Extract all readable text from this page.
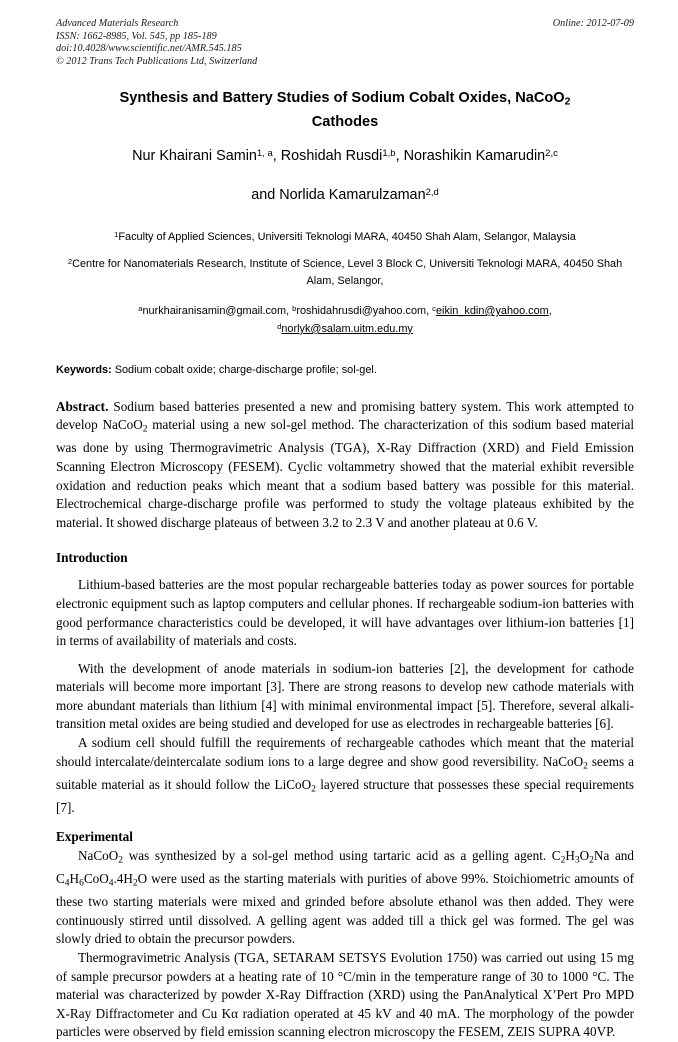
Advanced Materials Research
ISSN: 1662-8985, Vol. 545, pp 185-189
doi:10.4028/www.scientific.net/AMR.545.185
© 2012 Trans Tech Publications Ltd, Switzerland
Online: 2012-07-09
Synthesis and Battery Studies of Sodium Cobalt Oxides, NaCoO$_2$ Cathodes
Nur Khairani Samin$^{1, a}$, Roshidah Rusdi$^{1,b}$, Norashikin Kamarudin$^{2,c}$
and Norlida Kamarulzaman$^{2,d}$
$^1$Faculty of Applied Sciences, Universiti Teknologi MARA, 40450 Shah Alam, Selangor, Malaysia
$^2$Centre for Nanomaterials Research, Institute of Science, Level 3 Block C, Universiti Teknologi MARA, 40450 Shah Alam, Selangor,
$^a$nurkhairanisamin@gmail.com, $^b$roshidahrusdi@yahoo.com, $^c$eikin_kdin@yahoo.com,
$^d$norlyk@salam.uitm.edu.my
Keywords: Sodium cobalt oxide; charge-discharge profile; sol-gel.
Abstract. Sodium based batteries presented a new and promising battery system. This work attempted to develop NaCoO$_2$ material using a new sol-gel method. The characterization of this sodium based material was done by using Thermogravimetric Analysis (TGA), X-Ray Diffraction (XRD) and Field Emission Scanning Electron Microscopy (FESEM). Cyclic voltammetry showed that the material exhibit reversible oxidation and reduction peaks which meant that a sodium based battery was possible for this material. Electrochemical charge-discharge profile was performed to study the voltage plateaus exhibited by the material. It showed discharge plateaus of between 3.2 to 2.3 V and another plateau at 0.6 V.
Introduction

Lithium-based batteries are the most popular rechargeable batteries today as power sources for portable electronic equipment such as laptop computers and cellular phones. If rechargeable sodium-ion batteries with good performance characteristics could be developed, it will have advantages over lithium-ion batteries [1] in terms of availability of materials and costs.

With the development of anode materials in sodium-ion batteries [2], the development for cathode materials will become more important [3]. There are strong reasons to develop new cathode materials with more abundant materials than lithium [4] with minimal environmental impact [5]. Therefore, several alkali-transition metal oxides are being studied and developed for use as electrodes in rechargeable batteries [6].

A sodium cell should fulfill the requirements of rechargeable cathodes which meant that the material should intercalate/deintercalate sodium ions to a large degree and show good reversibility. NaCoO$_2$ seems a suitable material as it should follow the LiCoO$_2$ layered structure that possesses these special requirements [7].

Experimental

NaCoO$_2$ was synthesized by a sol-gel method using tartaric acid as a gelling agent. $C_2H_3O_2Na$ and $C_4H_6CoO_4.4H_2O$ were used as the starting materials with purities of above 99%. Stoichiometric amounts of these two starting materials were mixed and grinded before absolute ethanol was then added. They were continuously stirred until dissolved. A gelling agent was added till a thick gel was formed. The gel was slowly dried to obtain the precursor powders.

Thermogravimetric Analysis (TGA, SETARAM SETSYS Evolution 1750) was carried out using 15 mg of sample precursor powders at a heating rate of 10 °C/min in the temperature range of 30 to 1000 °C. The material was characterized by powder X-Ray Diffraction (XRD) using the PanAnalytical X’Pert Pro MPD X-Ray Diffractometer and Cu Kα radiation operated at 45 kV and 40 mA. The morphology of the powder particles were observed by field emission scanning electron microscopy the FESEM, ZEIS SUPRA 40VP.
